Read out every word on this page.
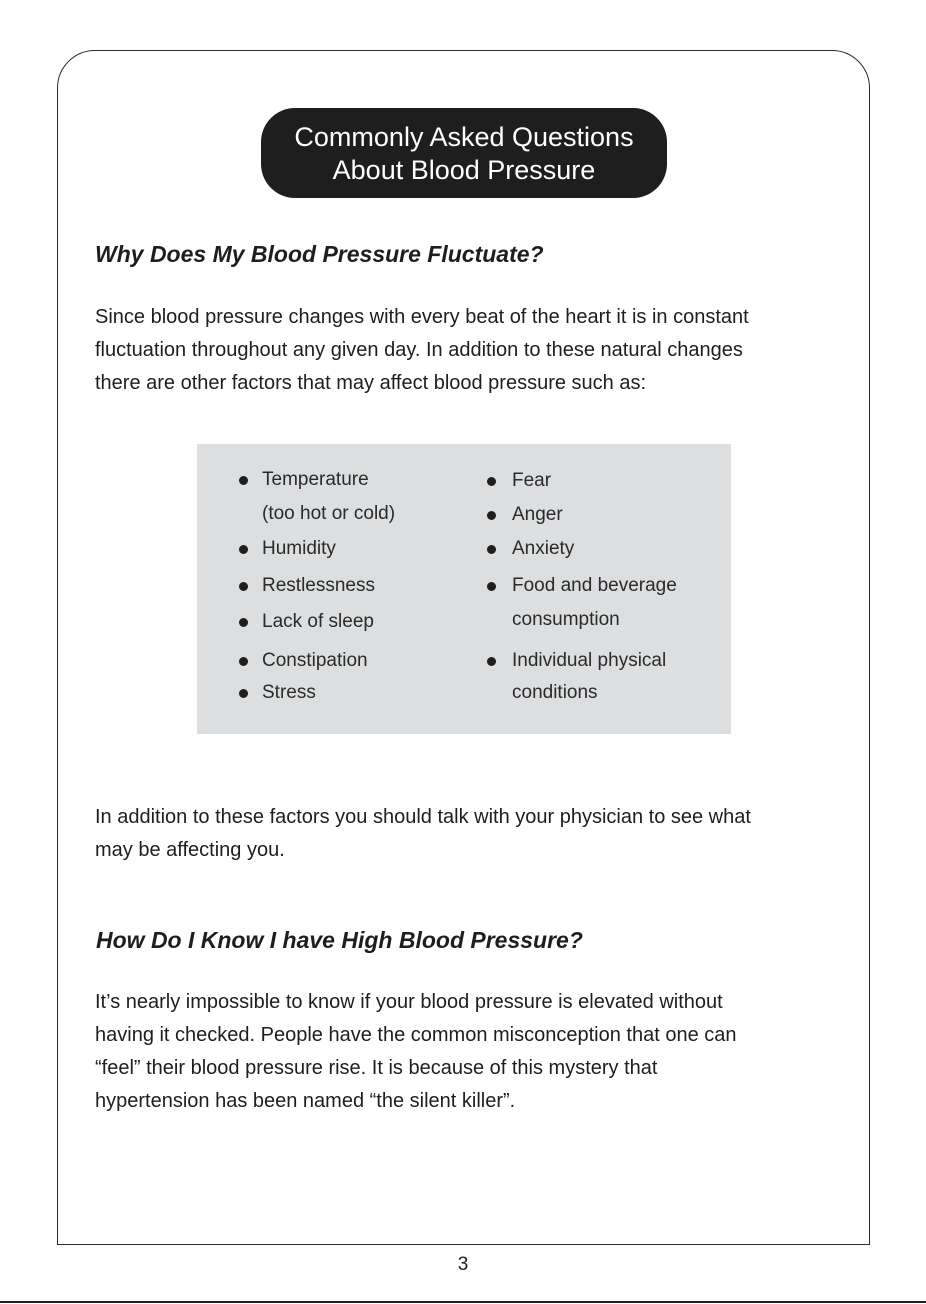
Commonly Asked Questions
About Blood Pressure
Why Does My Blood Pressure Fluctuate?
Since blood pressure changes with every beat of the heart it is in constant
fluctuation throughout any given day. In addition to these natural changes
there are other factors that may affect blood pressure such as:
Temperature
(too hot or cold)
Humidity
Restlessness
Lack of sleep
Constipation
Stress
Fear
Anger
Anxiety
Food and beverage
consumption
Individual physical
conditions
In addition to these factors you should talk with your physician to see what
may be affecting you.
How Do I Know I have High Blood Pressure?
It’s nearly impossible to know if your blood pressure is elevated without
having it checked. People have the common misconception that one can
“feel” their blood pressure rise. It is because of this mystery that
hypertension has been named “the silent killer”.
3
